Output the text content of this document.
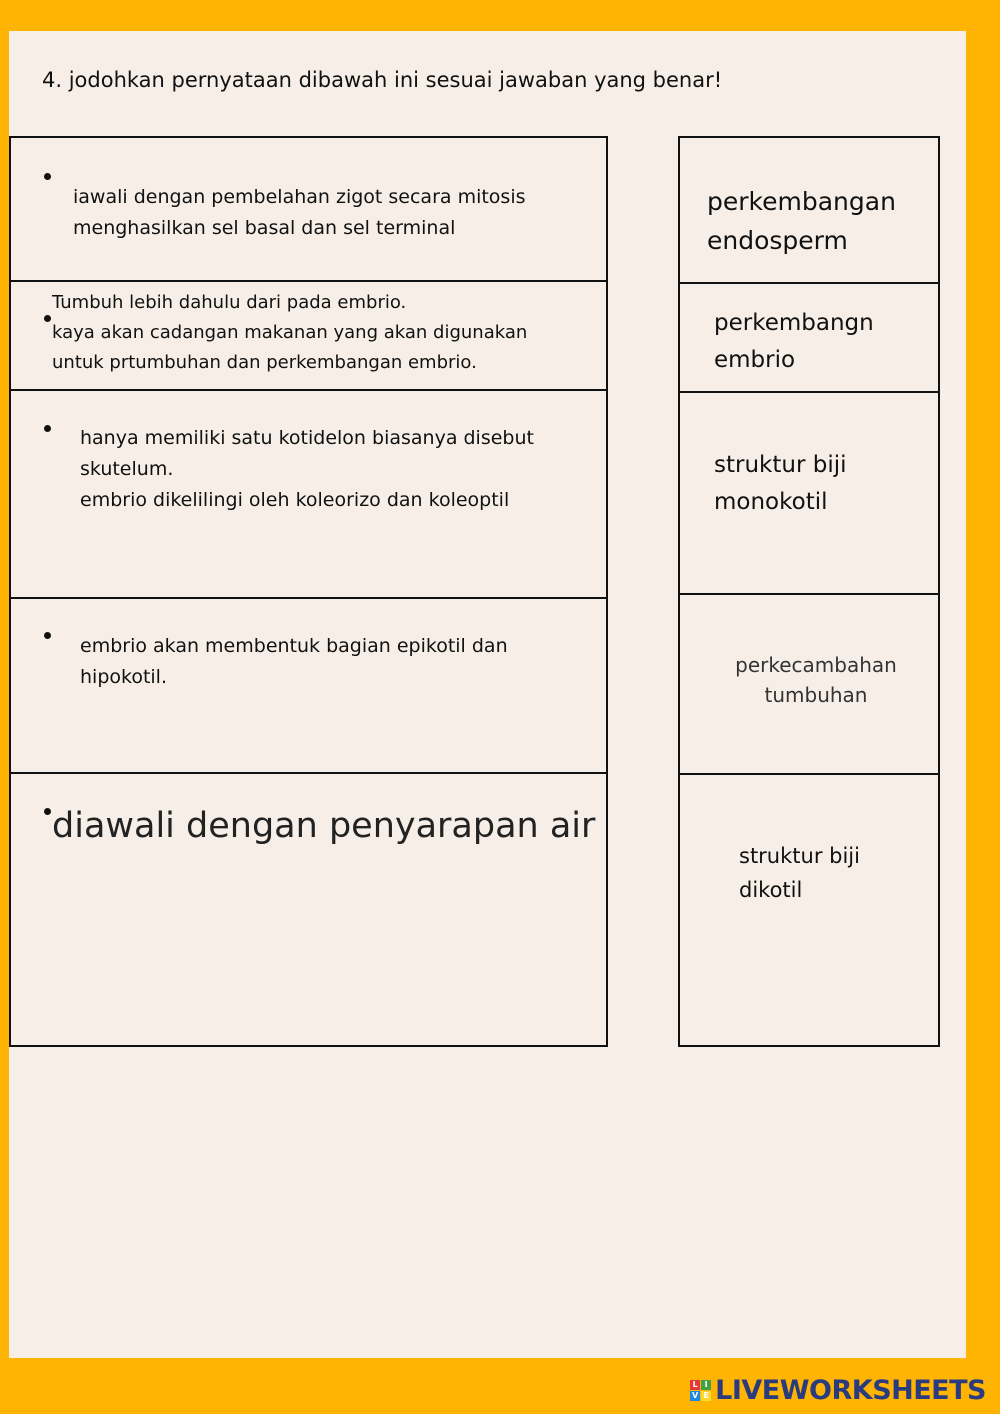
4. jodohkan pernyataan dibawah ini sesuai jawaban yang benar!
iawali dengan pembelahan zigot secara mitosis
menghasilkan sel basal dan sel terminal
Tumbuh lebih dahulu dari pada embrio.
kaya akan cadangan makanan yang akan digunakan
untuk prtumbuhan dan perkembangan embrio.
hanya memiliki satu kotidelon biasanya disebut
skutelum.
embrio dikelilingi oleh koleorizo dan koleoptil
embrio akan membentuk bagian epikotil dan
hipokotil.
diawali dengan penyarapan air
perkembangan
endosperm
perkembangn
embrio
struktur biji
monokotil
perkecambahan
tumbuhan
struktur biji
dikotil
L I
V E LIVEWORKSHEETS
